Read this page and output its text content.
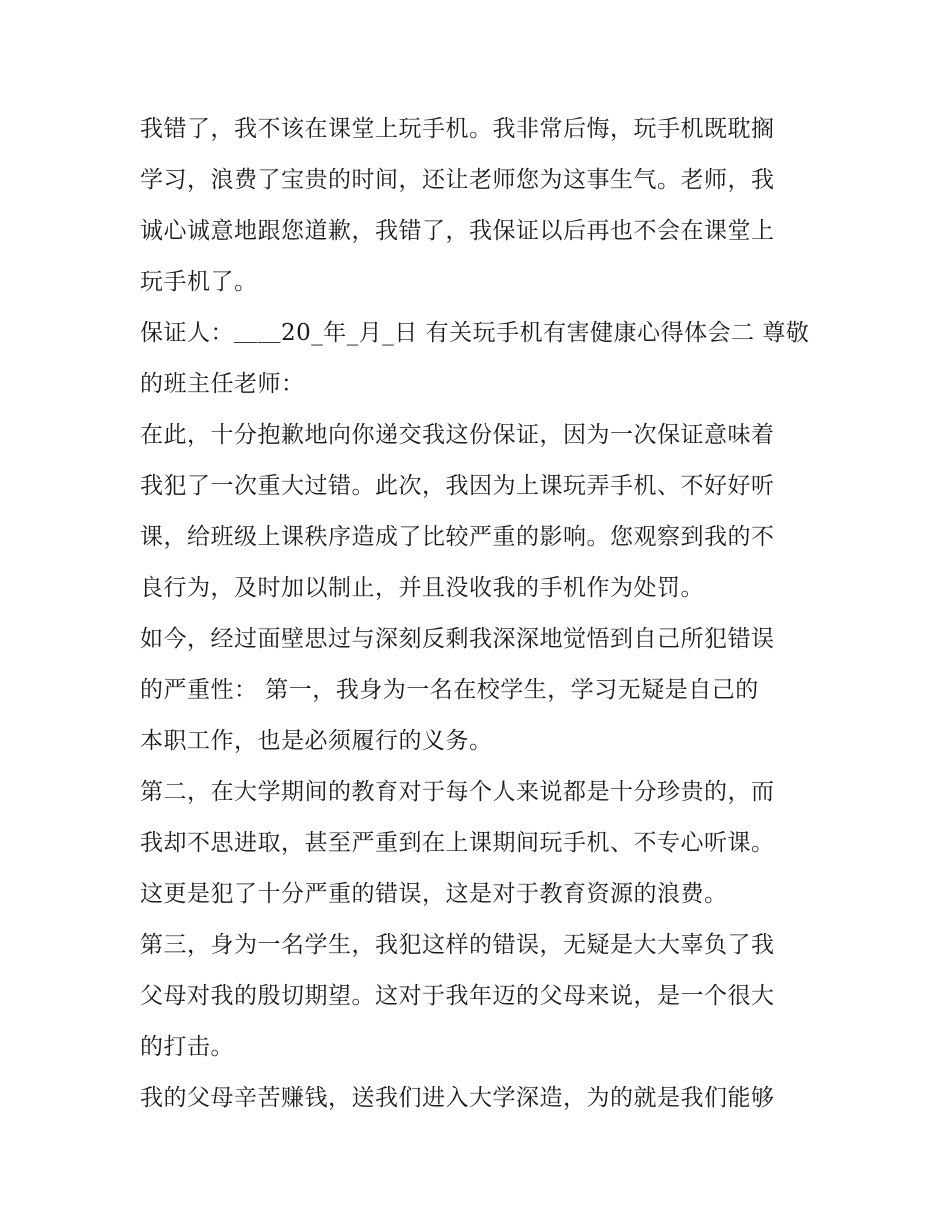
我错了，我不该在课堂上玩手机。我非常后悔，玩手机既耽搁
学习，浪费了宝贵的时间，还让老师您为这事生气。老师，我
诚心诚意地跟您道歉，我错了，我保证以后再也不会在课堂上
玩手机了。
保证人：＿＿20_年_月_日 有关玩手机有害健康心得体会二 尊敬
的班主任老师：
在此，十分抱歉地向你递交我这份保证，因为一次保证意味着
我犯了一次重大过错。此次，我因为上课玩弄手机、不好好听
课，给班级上课秩序造成了比较严重的影响。您观察到我的不
良行为，及时加以制止，并且没收我的手机作为处罚。
如今，经过面壁思过与深刻反剩我深深地觉悟到自己所犯错误
的严重性： 第一，我身为一名在校学生，学习无疑是自己的
本职工作，也是必须履行的义务。
第二，在大学期间的教育对于每个人来说都是十分珍贵的，而
我却不思进取，甚至严重到在上课期间玩手机、不专心听课。
这更是犯了十分严重的错误，这是对于教育资源的浪费。
第三，身为一名学生，我犯这样的错误，无疑是大大辜负了我
父母对我的殷切期望。这对于我年迈的父母来说，是一个很大
的打击。
我的父母辛苦赚钱，送我们进入大学深造，为的就是我们能够
